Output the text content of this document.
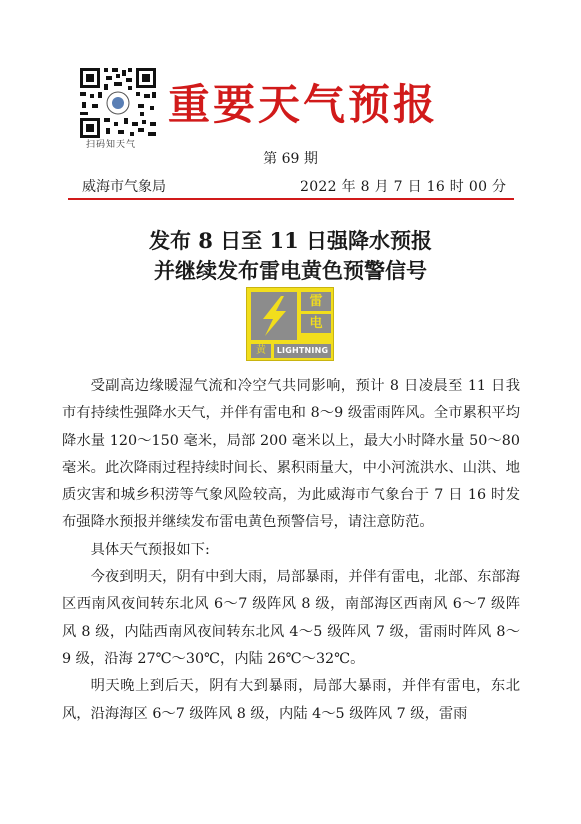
扫码知天气
重要天气预报
第 69 期
威海市气象局	2022 年 8 月 7 日 16 时 00 分
发布 8 日至 11 日强降水预报
并继续发布雷电黄色预警信号
雷
电
黄	LIGHTNING

受副高边缘暖湿气流和冷空气共同影响，预计 8 日凌晨至 11 日我市有持续性强降水天气，并伴有雷电和 8～9 级雷雨阵风。全市累积平均降水量 120～150 毫米，局部 200 毫米以上，最大小时降水量 50～80 毫米。此次降雨过程持续时间长、累积雨量大，中小河流洪水、山洪、地质灾害和城乡积涝等气象风险较高，为此威海市气象台于 7 日 16 时发布强降水预报并继续发布雷电黄色预警信号，请注意防范。

具体天气预报如下:

今夜到明天，阴有中到大雨，局部暴雨，并伴有雷电，北部、东部海区西南风夜间转东北风 6～7 级阵风 8 级，南部海区西南风 6～7 级阵风 8 级，内陆西南风夜间转东北风 4～5 级阵风 7 级，雷雨时阵风 8～9 级，沿海 27℃～30℃，内陆 26℃～32℃。

明天晚上到后天，阴有大到暴雨，局部大暴雨，并伴有雷电，东北风，沿海海区 6～7 级阵风 8 级，内陆 4～5 级阵风 7 级，雷雨
